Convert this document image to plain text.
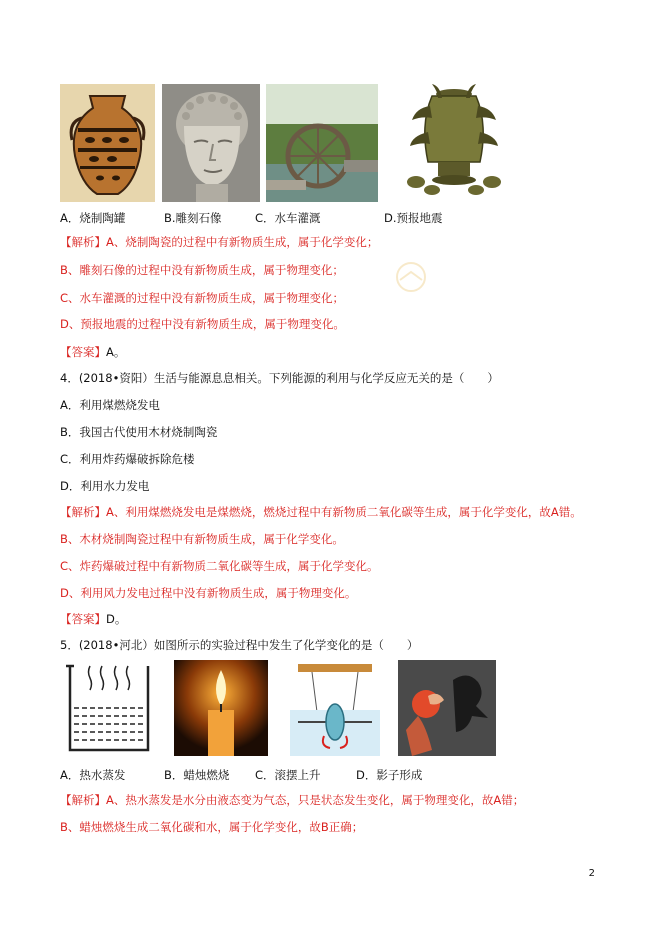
A．烧制陶罐	B.雕刻石像	C．水车灌溉	D.预报地震
【解析】A、烧制陶瓷的过程中有新物质生成，属于化学变化；
B、雕刻石像的过程中没有新物质生成，属于物理变化；
C、水车灌溉的过程中没有新物质生成，属于物理变化；
D、预报地震的过程中没有新物质生成，属于物理变化。
【答案】A。
4．(2018•资阳）生活与能源息息相关。下列能源的利用与化学反应无关的是（　　）
A．利用煤燃烧发电
B．我国古代使用木材烧制陶瓷
C．利用炸药爆破拆除危楼
D．利用水力发电
【解析】A、利用煤燃烧发电是煤燃烧，燃烧过程中有新物质二氧化碳等生成，属于化学变化，故A错。
B、木材烧制陶瓷过程中有新物质生成，属于化学变化。
C、炸药爆破过程中有新物质二氧化碳等生成，属于化学变化。
D、利用风力发电过程中没有新物质生成，属于物理变化。
【答案】D。
5．(2018•河北）如图所示的实验过程中发生了化学变化的是（　　）
A．热水蒸发	B．蜡烛燃烧 C．滚摆上升	D．影子形成
【解析】A、热水蒸发是水分由液态变为气态，只是状态发生变化，属于物理变化，故A错；
B、蜡烛燃烧生成二氧化碳和水，属于化学变化，故B正确；
2
